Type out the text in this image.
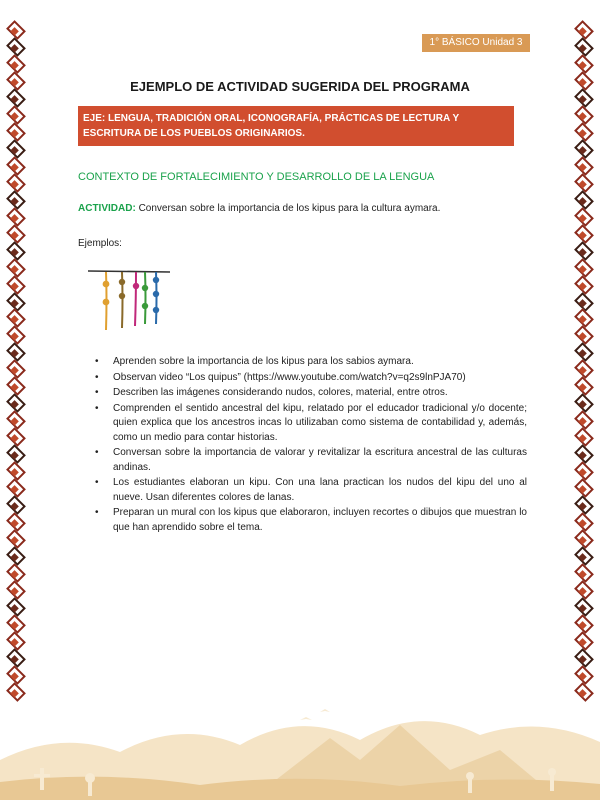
1° BÁSICO Unidad 3
EJEMPLO DE ACTIVIDAD SUGERIDA DEL PROGRAMA
EJE: LENGUA, TRADICIÓN ORAL, ICONOGRAFÍA, PRÁCTICAS DE LECTURA Y ESCRITURA DE LOS PUEBLOS ORIGINARIOS.
CONTEXTO DE FORTALECIMIENTO Y DESARROLLO DE LA LENGUA
ACTIVIDAD: Conversan sobre la importancia de los kipus para la cultura aymara.
Ejemplos:
• Aprenden sobre la importancia de los kipus para los sabios aymara.
• Observan video “Los quipus” (https://www.youtube.com/watch?v=q2s9lnPJA70)
• Describen las imágenes considerando nudos, colores, material, entre otros.
• Comprenden el sentido ancestral del kipu, relatado por el educador tradicional y/o docente; quien explica que los ancestros incas lo utilizaban como sistema de contabilidad y, además, como un medio para contar historias.
• Conversan sobre la importancia de valorar y revitalizar la escritura ancestral de las culturas andinas.
• Los estudiantes elaboran un kipu. Con una lana practican los nudos del kipu del uno al nueve. Usan diferentes colores de lanas.
• Preparan un mural con los kipus que elaboraron, incluyen recortes o dibujos que muestran lo que han aprendido sobre el tema.
